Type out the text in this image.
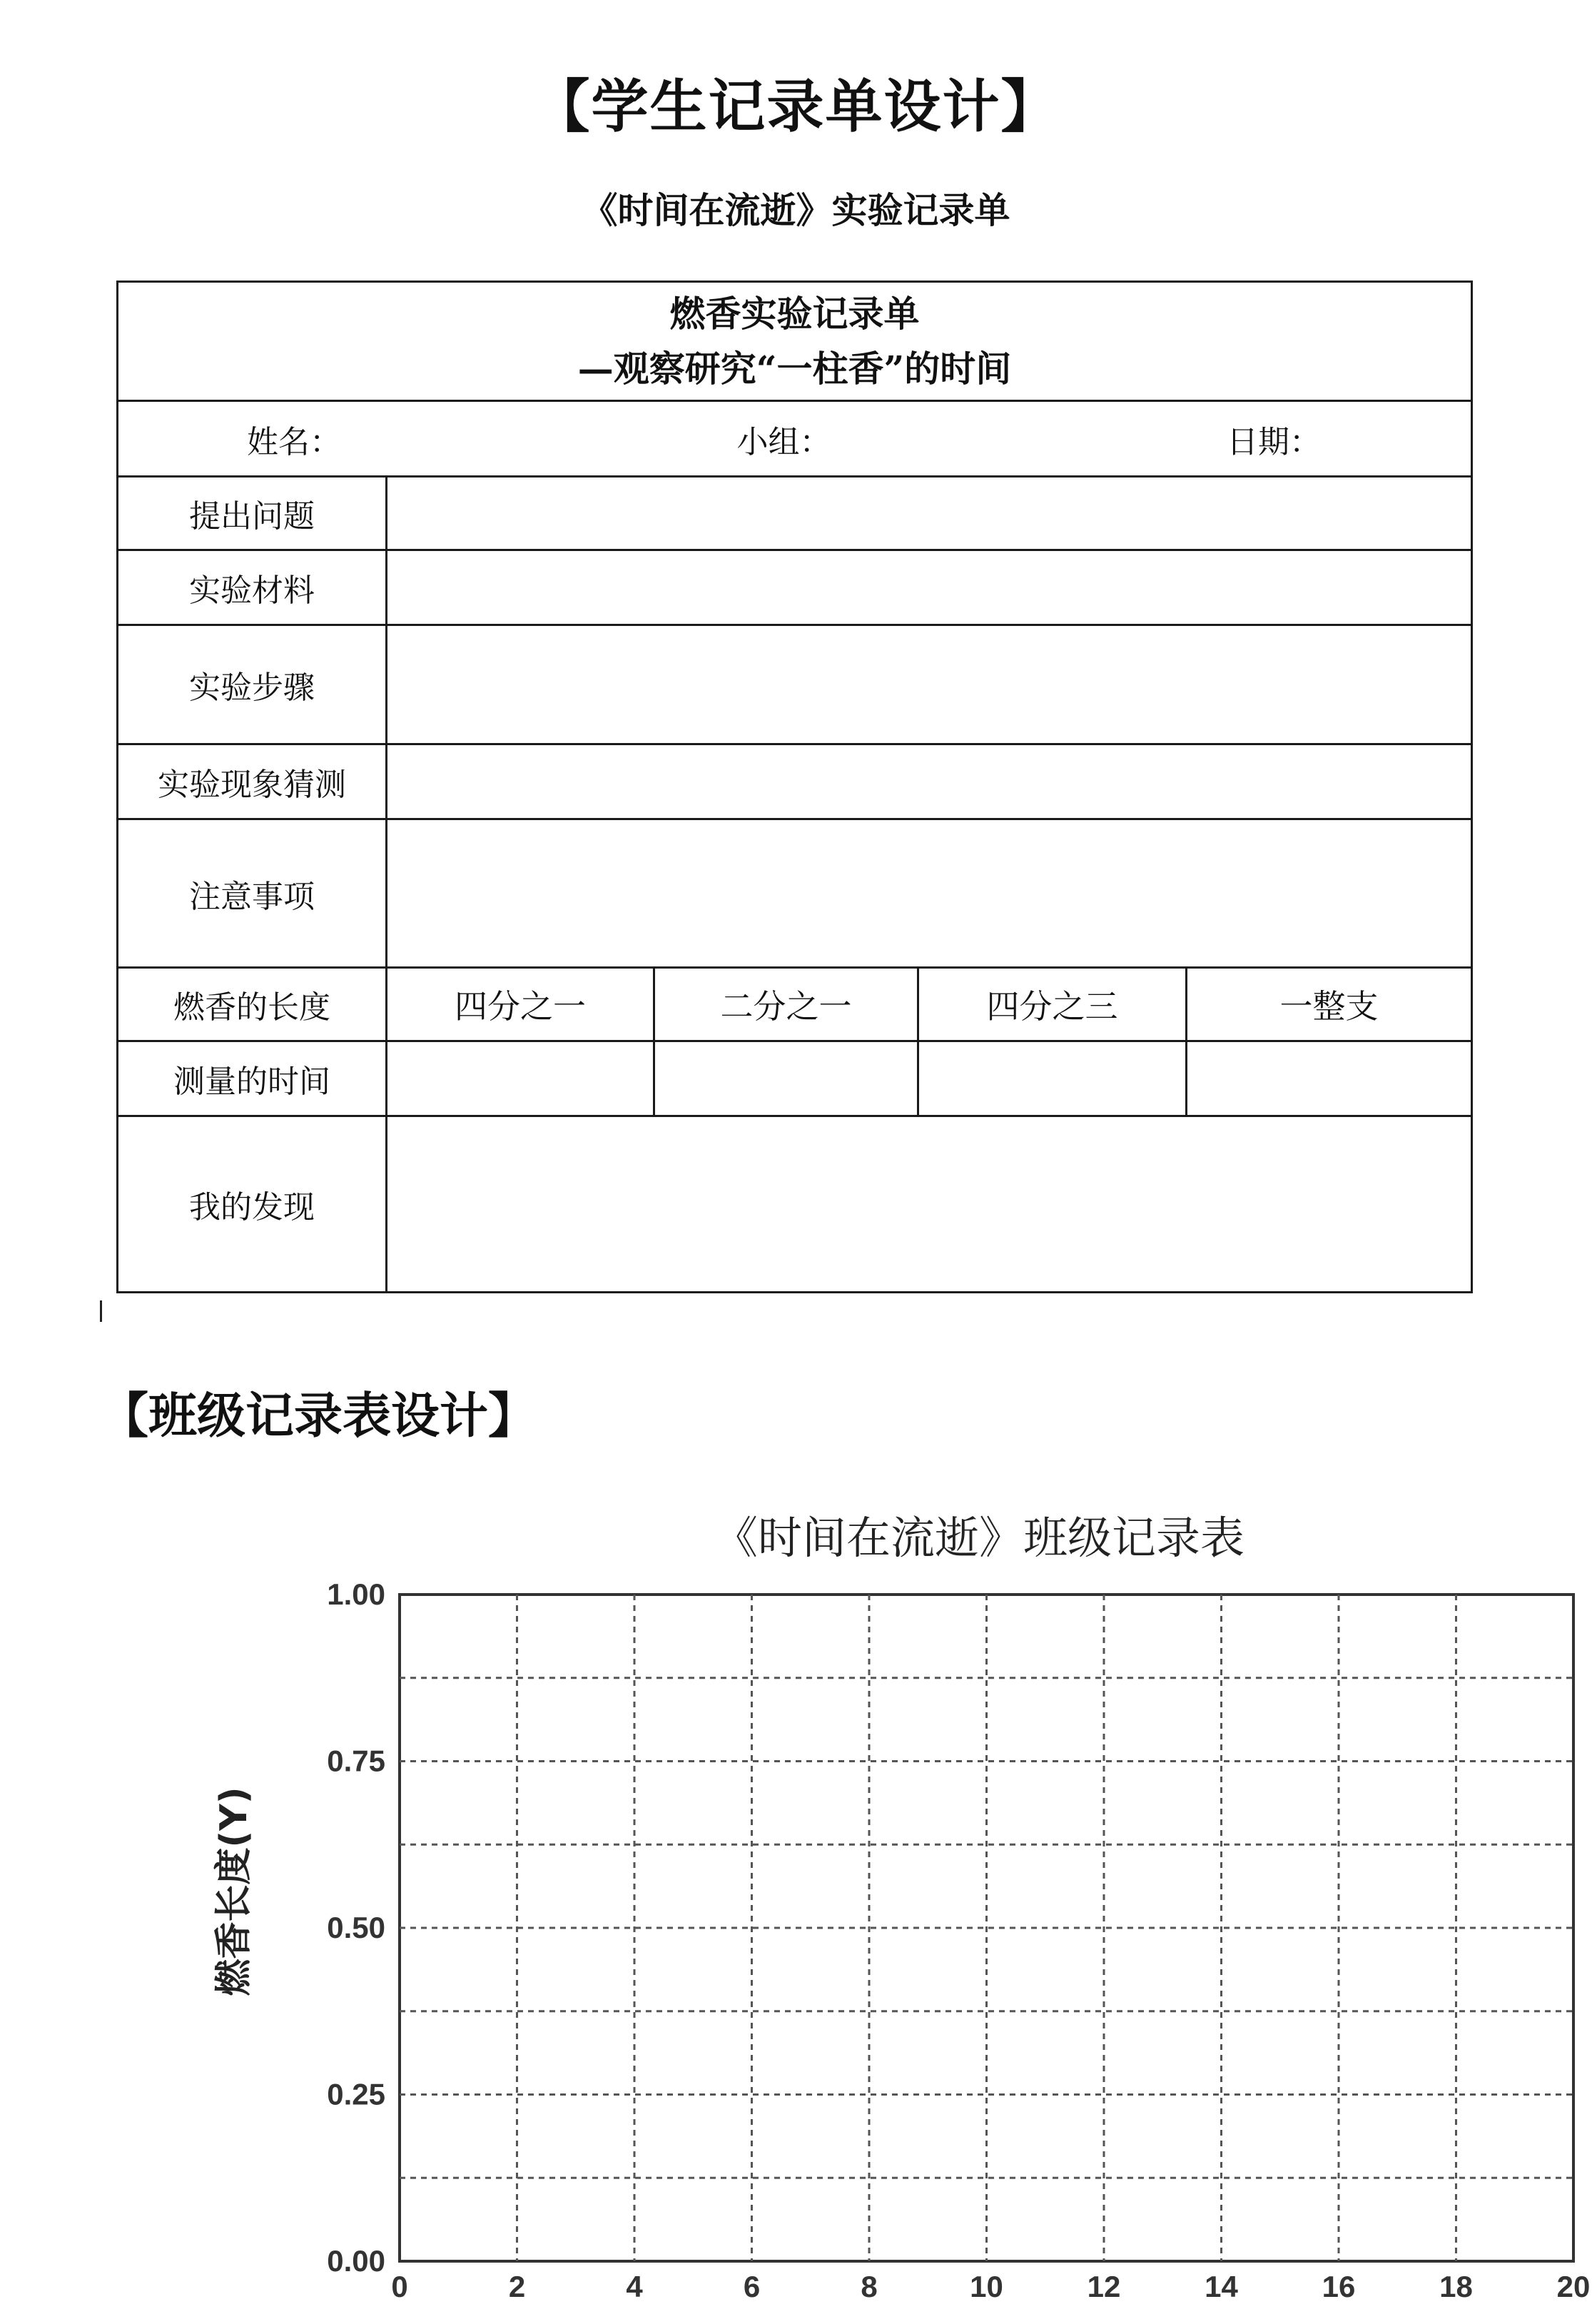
【学生记录单设计】
《时间在流逝》实验记录单
燃香实验记录单
—观察研究“一柱香”的时间				

姓名： 小组： 日期：				

提出问题				
实验材料				
实验步骤				
实验现象猜测				
注意事项				
燃香的长度	四分之一	二分之一	四分之三	一整支
测量的时间				
我的发现				
【班级记录表设计】
《时间在流逝》班级记录表
0	2	4	6	8	10	12	14	16	18	20
0.00
0.25
0.50
0.75
1.00
燃香长度(Y)
